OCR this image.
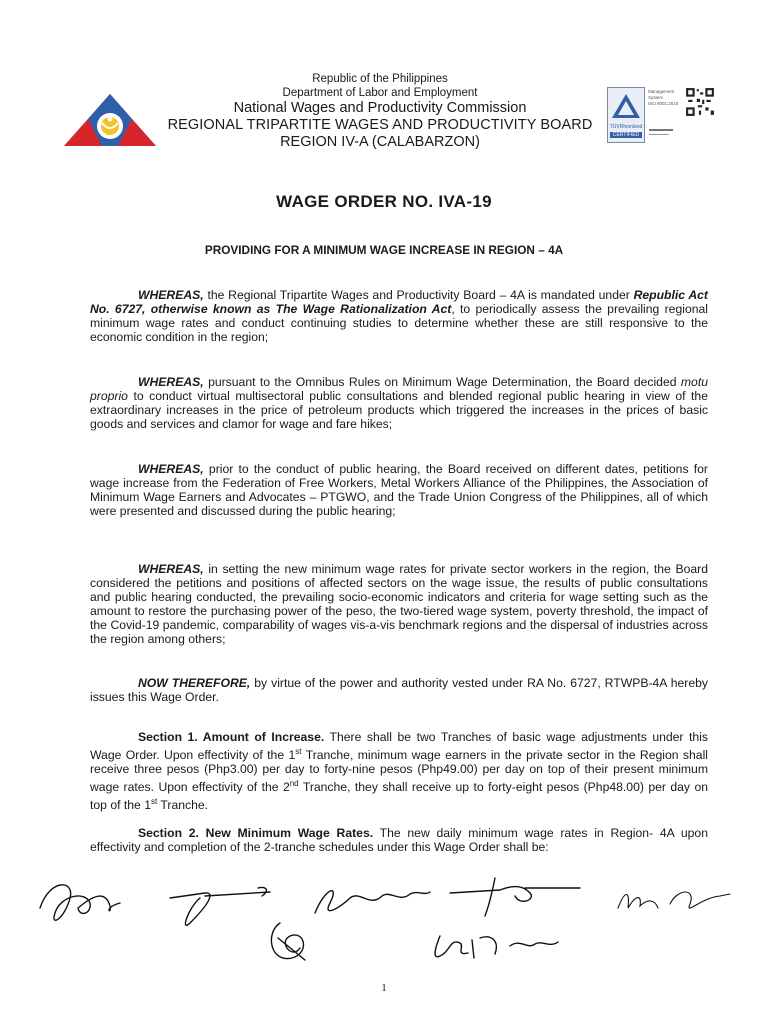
Republic of the Philippines
Department of Labor and Employment
National Wages and Productivity Commission
REGIONAL TRIPARTITE WAGES AND PRODUCTIVITY BOARD
REGION IV-A (CALABARZON)
TÜVRheinland
CERTIFIED
Management
System
ISO 9001:2015
WAGE ORDER NO. IVA-19
PROVIDING FOR A MINIMUM WAGE INCREASE IN REGION – 4A
WHEREAS, the Regional Tripartite Wages and Productivity Board – 4A is mandated under Republic Act No. 6727, otherwise known as The Wage Rationalization Act, to periodically assess the prevailing regional minimum wage rates and conduct continuing studies to determine whether these are still responsive to the economic condition in the region;
WHEREAS, pursuant to the Omnibus Rules on Minimum Wage Determination, the Board decided motu proprio to conduct virtual multisectoral public consultations and blended regional public hearing in view of the extraordinary increases in the price of petroleum products which triggered the increases in the prices of basic goods and services and clamor for wage and fare hikes;
WHEREAS, prior to the conduct of public hearing, the Board received on different dates, petitions for wage increase from the Federation of Free Workers, Metal Workers Alliance of the Philippines, the Association of Minimum Wage Earners and Advocates – PTGWO, and the Trade Union Congress of the Philippines, all of which were presented and discussed during the public hearing;
WHEREAS, in setting the new minimum wage rates for private sector workers in the region, the Board considered the petitions and positions of affected sectors on the wage issue, the results of public consultations and public hearing conducted, the prevailing socio-economic indicators and criteria for wage setting such as the amount to restore the purchasing power of the peso, the two-tiered wage system, poverty threshold, the impact of the Covid-19 pandemic, comparability of wages vis-a-vis benchmark regions and the dispersal of industries across the region among others;
NOW THEREFORE, by virtue of the power and authority vested under RA No. 6727, RTWPB-4A hereby issues this Wage Order.
Section 1. Amount of Increase. There shall be two Tranches of basic wage adjustments under this Wage Order. Upon effectivity of the 1st Tranche, minimum wage earners in the private sector in the Region shall receive three pesos (Php3.00) per day to forty-nine pesos (Php49.00) per day on top of their present minimum wage rates. Upon effectivity of the 2nd Tranche, they shall receive up to forty-eight pesos (Php48.00) per day on top of the 1st Tranche.
Section 2. New Minimum Wage Rates. The new daily minimum wage rates in Region- 4A upon effectivity and completion of the 2-tranche schedules under this Wage Order shall be:
1
